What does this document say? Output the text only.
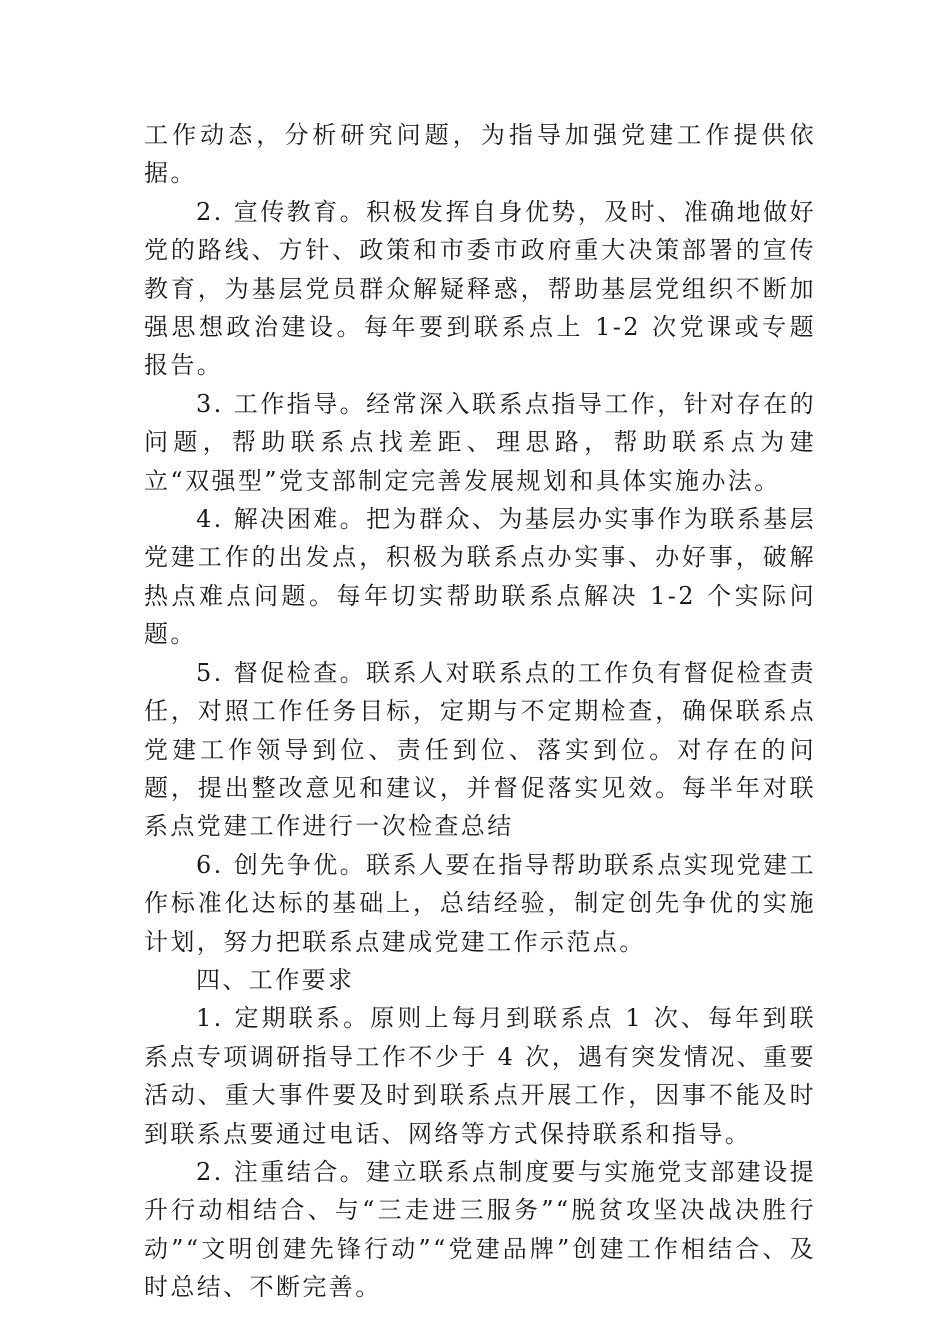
工作动态，分析研究问题，为指导加强党建工作提供依据。

2. 宣传教育。积极发挥自身优势，及时、准确地做好党的路线、方针、政策和市委市政府重大决策部署的宣传教育，为基层党员群众解疑释惑，帮助基层党组织不断加强思想政治建设。每年要到联系点上 1-2 次党课或专题报告。

3. 工作指导。经常深入联系点指导工作，针对存在的问题，帮助联系点找差距、理思路，帮助联系点为建立“双强型”党支部制定完善发展规划和具体实施办法。

4. 解决困难。把为群众、为基层办实事作为联系基层党建工作的出发点，积极为联系点办实事、办好事，破解热点难点问题。每年切实帮助联系点解决 1-2 个实际问题。

5. 督促检查。联系人对联系点的工作负有督促检查责任，对照工作任务目标，定期与不定期检查，确保联系点党建工作领导到位、责任到位、落实到位。对存在的问题，提出整改意见和建议，并督促落实见效。每半年对联系点党建工作进行一次检查总结

6. 创先争优。联系人要在指导帮助联系点实现党建工作标准化达标的基础上，总结经验，制定创先争优的实施计划，努力把联系点建成党建工作示范点。

四、工作要求

1. 定期联系。原则上每月到联系点 1 次、每年到联系点专项调研指导工作不少于 4 次，遇有突发情况、重要活动、重大事件要及时到联系点开展工作，因事不能及时到联系点要通过电话、网络等方式保持联系和指导。

2. 注重结合。建立联系点制度要与实施党支部建设提升行动相结合、与“三走进三服务”“脱贫攻坚决战决胜行动”“文明创建先锋行动”“党建品牌”创建工作相结合、及时总结、不断完善。
